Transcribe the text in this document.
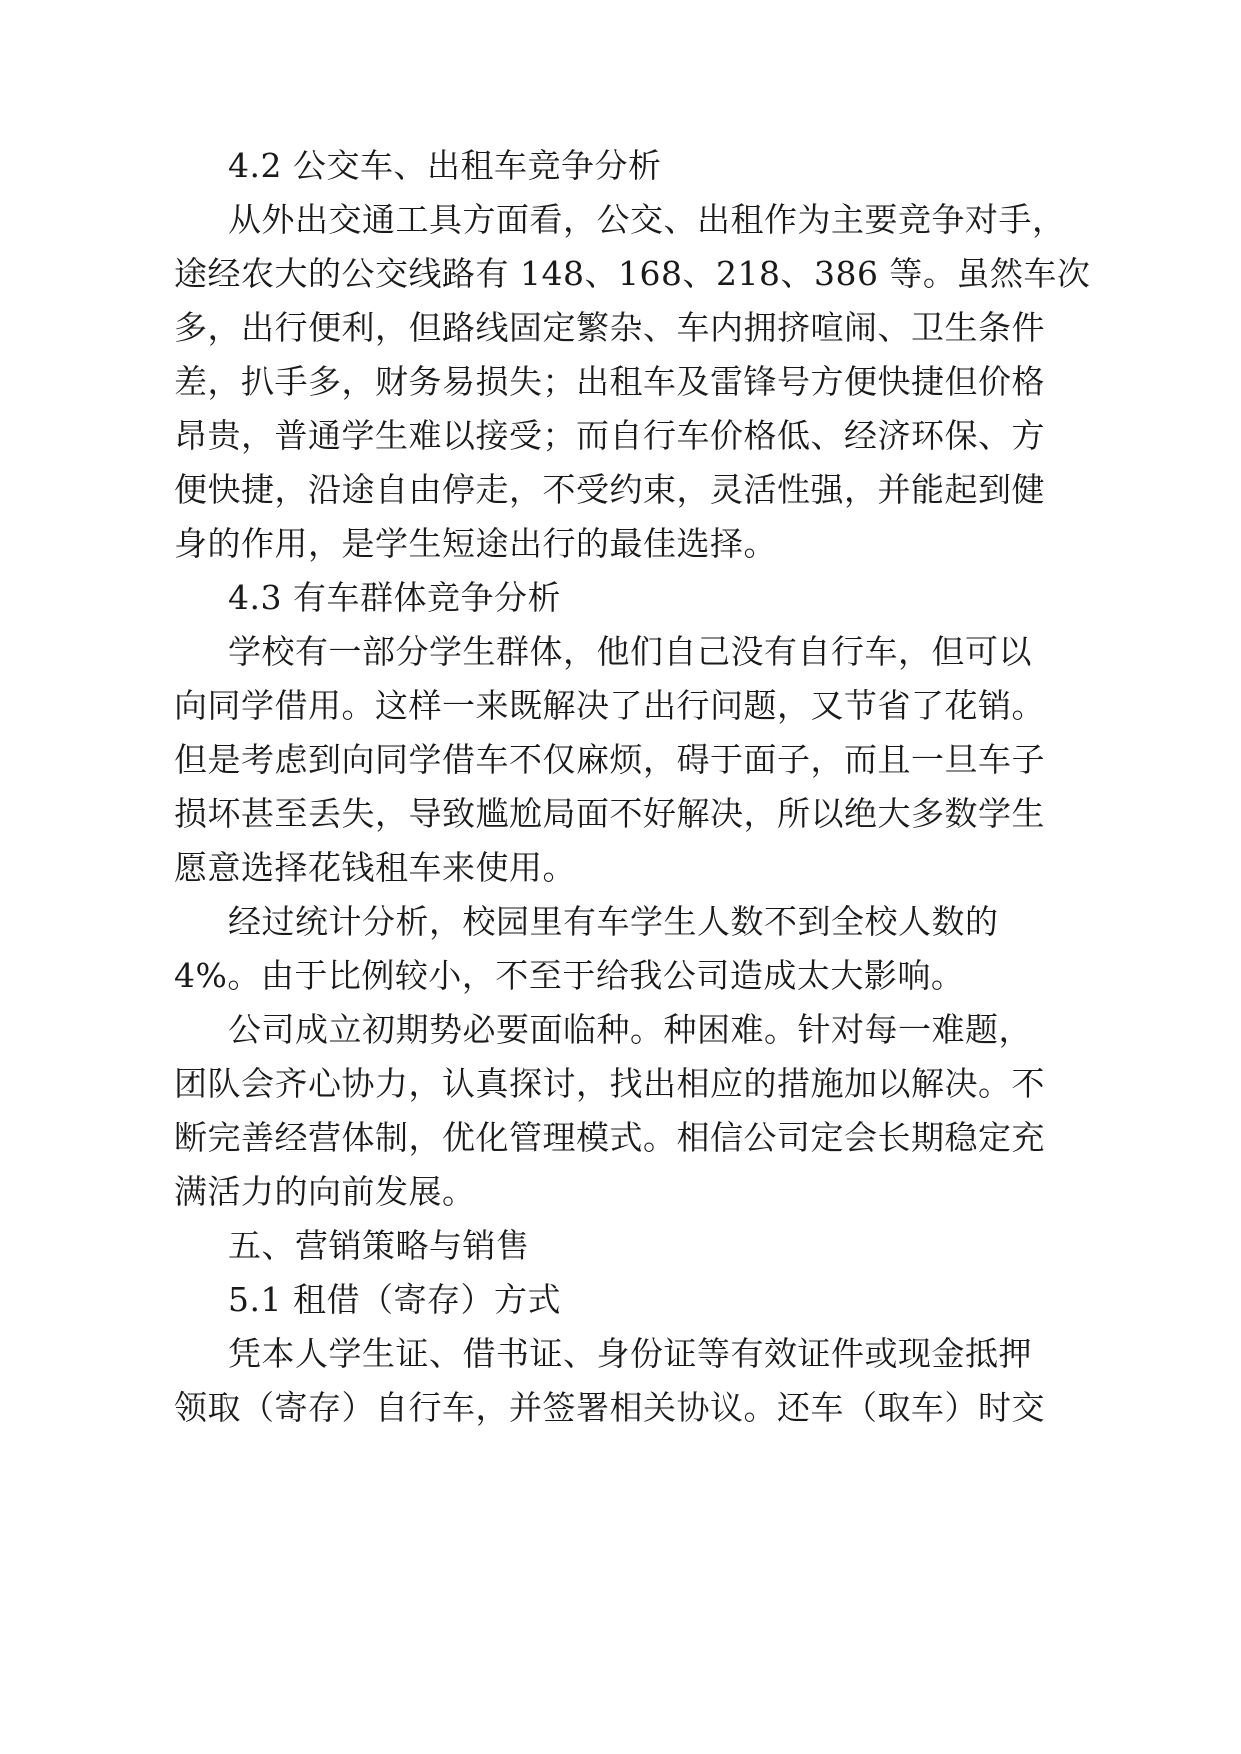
4.2 公交车、出租车竞争分析
从外出交通工具方面看，公交、出租作为主要竞争对手，
途经农大的公交线路有 148、168、218、386 等。虽然车次
多，出行便利，但路线固定繁杂、车内拥挤喧闹、卫生条件
差，扒手多，财务易损失；出租车及雷锋号方便快捷但价格
昂贵，普通学生难以接受；而自行车价格低、经济环保、方
便快捷，沿途自由停走，不受约束，灵活性强，并能起到健
身的作用，是学生短途出行的最佳选择。
4.3 有车群体竞争分析
学校有一部分学生群体，他们自己没有自行车，但可以
向同学借用。这样一来既解决了出行问题，又节省了花销。
但是考虑到向同学借车不仅麻烦，碍于面子，而且一旦车子
损坏甚至丢失，导致尴尬局面不好解决，所以绝大多数学生
愿意选择花钱租车来使用。
经过统计分析，校园里有车学生人数不到全校人数的
4%。由于比例较小，不至于给我公司造成太大影响。
公司成立初期势必要面临种。种困难。针对每一难题，
团队会齐心协力，认真探讨，找出相应的措施加以解决。不
断完善经营体制，优化管理模式。相信公司定会长期稳定充
满活力的向前发展。
五、营销策略与销售
5.1 租借（寄存）方式
凭本人学生证、借书证、身份证等有效证件或现金抵押
领取（寄存）自行车，并签署相关协议。还车（取车）时交
